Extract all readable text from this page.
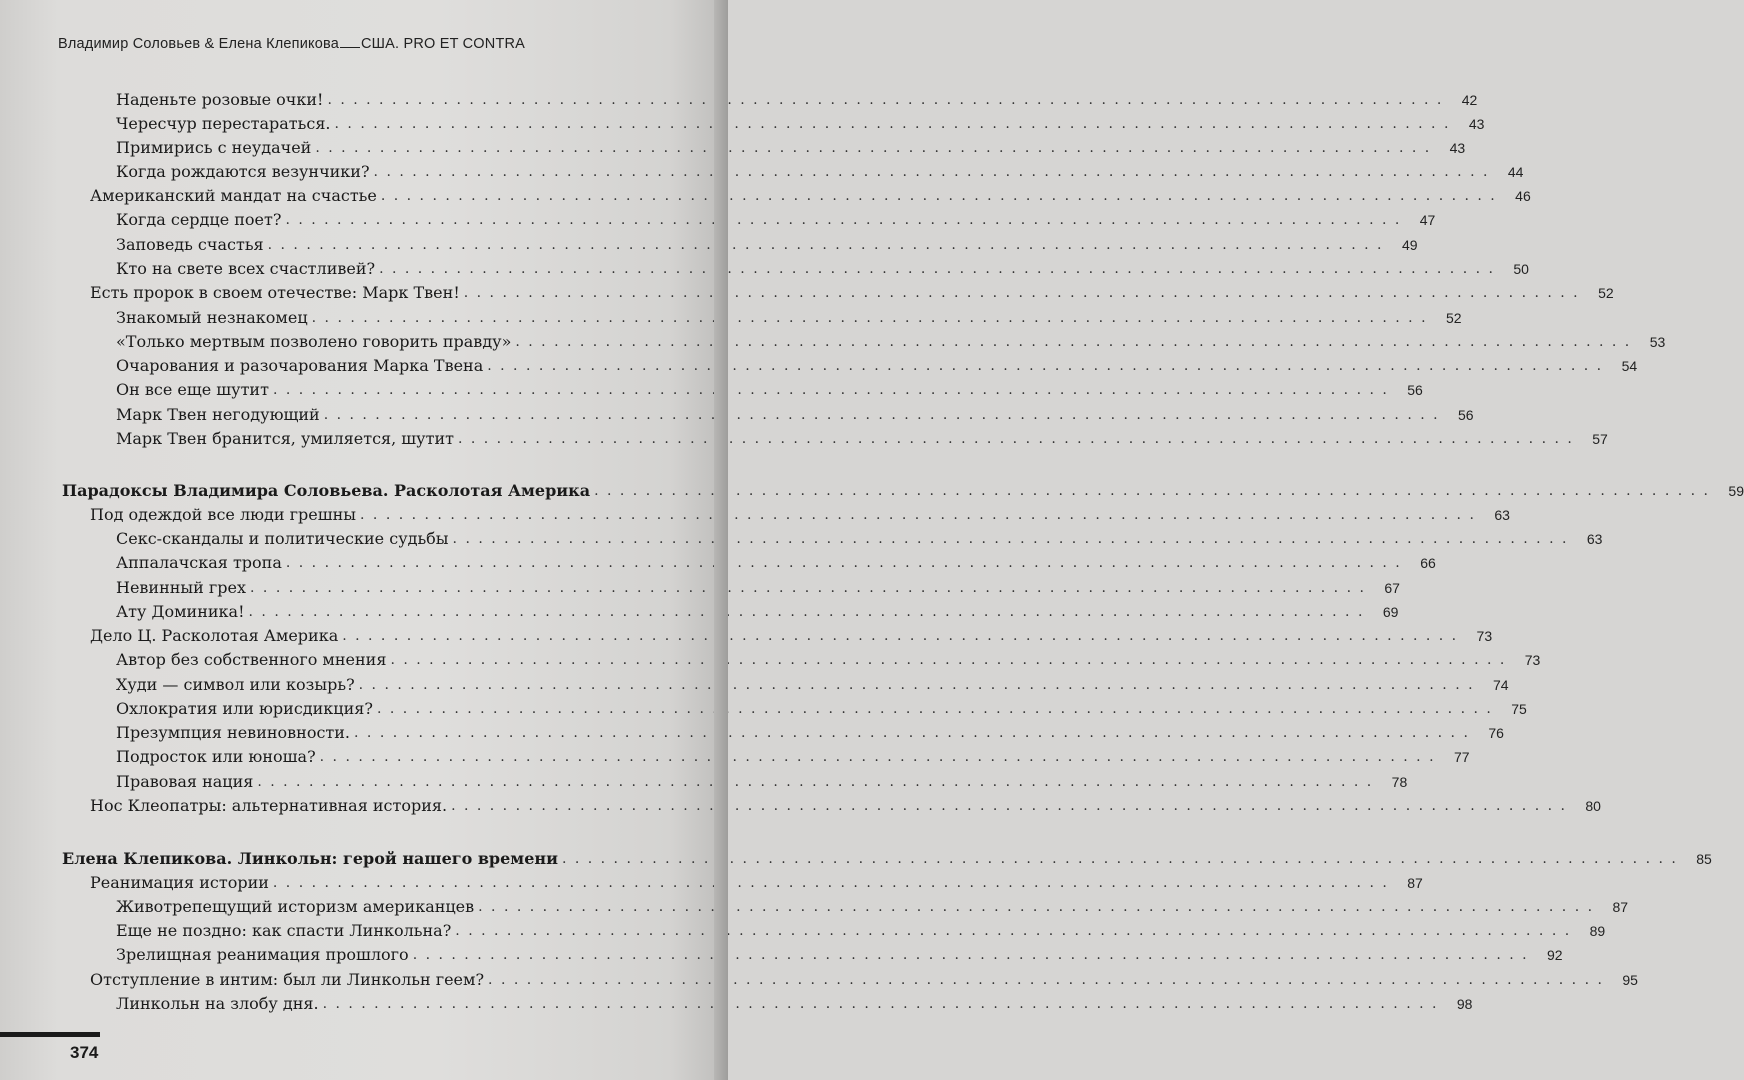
Владимир Соловьев & Елена Клепикова США. PRO ET CONTRA
Наденьте розовые очки! . . .	42
Чересчур перестараться. . . .	43
Примирись с неудачей . . .	43
Когда рождаются везунчики? . . .	44
Американский мандат на счастье . . .	46
Когда сердце поет? . . .	47
Заповедь счастья . . .	49
Кто на свете всех счастливей? . . .	50
Есть пророк в своем отечестве: Марк Твен! . . .	52
Знакомый незнакомец . . .	52
«Только мертвым позволено говорить правду» . . .	53
Очарования и разочарования Марка Твена . . .	54
Он все еще шутит . . .	56
Марк Твен негодующий . . .	56
Марк Твен бранится, умиляется, шутит . . .	57
Парадоксы Владимира Соловьева. Расколотая Америка . . .	59
Под одеждой все люди грешны . . .	63
Секс-скандалы и политические судьбы . . .	63
Аппалачская тропа . . .	66
Невинный грех . . .	67
Ату Доминика! . . .	69
Дело Ц. Расколотая Америка . . .	73
Автор без собственного мнения . . .	73
Худи — символ или козырь? . . .	74
Охлократия или юрисдикция? . . .	75
Презумпция невиновности. . . .	76
Подросток или юноша? . . .	77
Правовая нация . . .	78
Нос Клеопатры: альтернативная история. . . .	80
Елена Клепикова. Линкольн: герой нашего времени . . .	85
Реанимация истории . . .	87
Животрепещущий историзм американцев . . .	87
Еще не поздно: как спасти Линкольна? . . .	89
Зрелищная реанимация прошлого . . .	92
Отступление в интим: был ли Линкольн геем? . . .	95
Линкольн на злобу дня. . . .	98
374
